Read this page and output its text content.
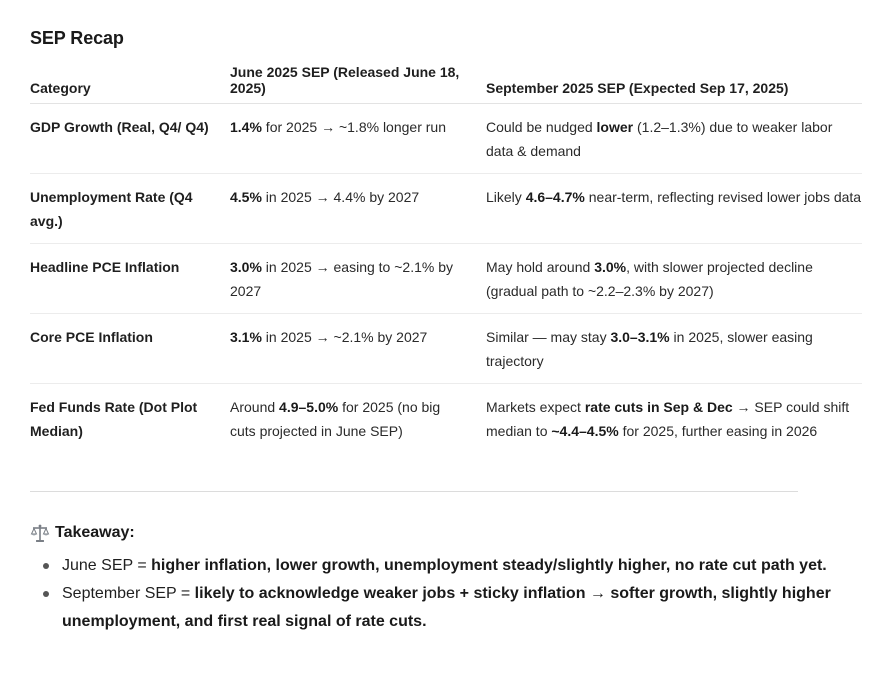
SEP Recap
Category	June 2025 SEP (Released June 18, 2025)	September 2025 SEP (Expected Sep 17, 2025)
GDP Growth (Real, Q4/ Q4)	1.4% for 2025 → ~1.8% longer run	Could be nudged lower (1.2–1.3%) due to weaker labor data & demand
Unemployment Rate (Q4 avg.)	4.5% in 2025 → 4.4% by 2027	Likely 4.6–4.7% near-term, reflecting revised lower jobs data
Headline PCE Inflation	3.0% in 2025 → easing to ~2.1% by 2027	May hold around 3.0%, with slower projected decline (gradual path to ~2.2–2.3% by 2027)
Core PCE Inflation	3.1% in 2025 → ~2.1% by 2027	Similar — may stay 3.0–3.1% in 2025, slower easing trajectory
Fed Funds Rate (Dot Plot Median)	Around 4.9–5.0% for 2025 (no big cuts projected in June SEP)	Markets expect rate cuts in Sep & Dec → SEP could shift median to ~4.4–4.5% for 2025, further easing in 2026
Takeaway:
June SEP = higher inflation, lower growth, unemployment steady/slightly higher, no rate cut path yet.
September SEP = likely to acknowledge weaker jobs + sticky inflation → softer growth, slightly higher unemployment, and first real signal of rate cuts.
